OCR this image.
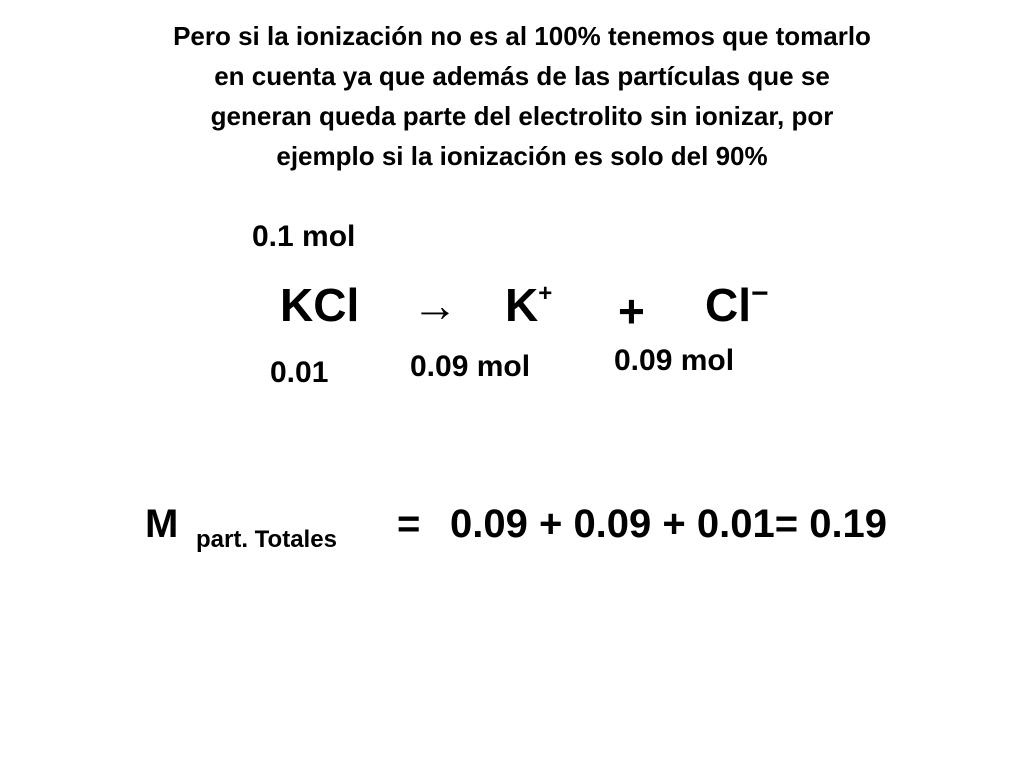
Pero si la ionización no es al 100% tenemos que tomarlo
en cuenta ya que además de las partículas que se
generan queda parte del electrolito sin ionizar, por
ejemplo si la ionización es solo del 90%
0.1 mol
KCl → K+ + Cl−
0.01	0.09 mol	0.09 mol
M part. Totales = 0.09 + 0.09 + 0.01= 0.19
